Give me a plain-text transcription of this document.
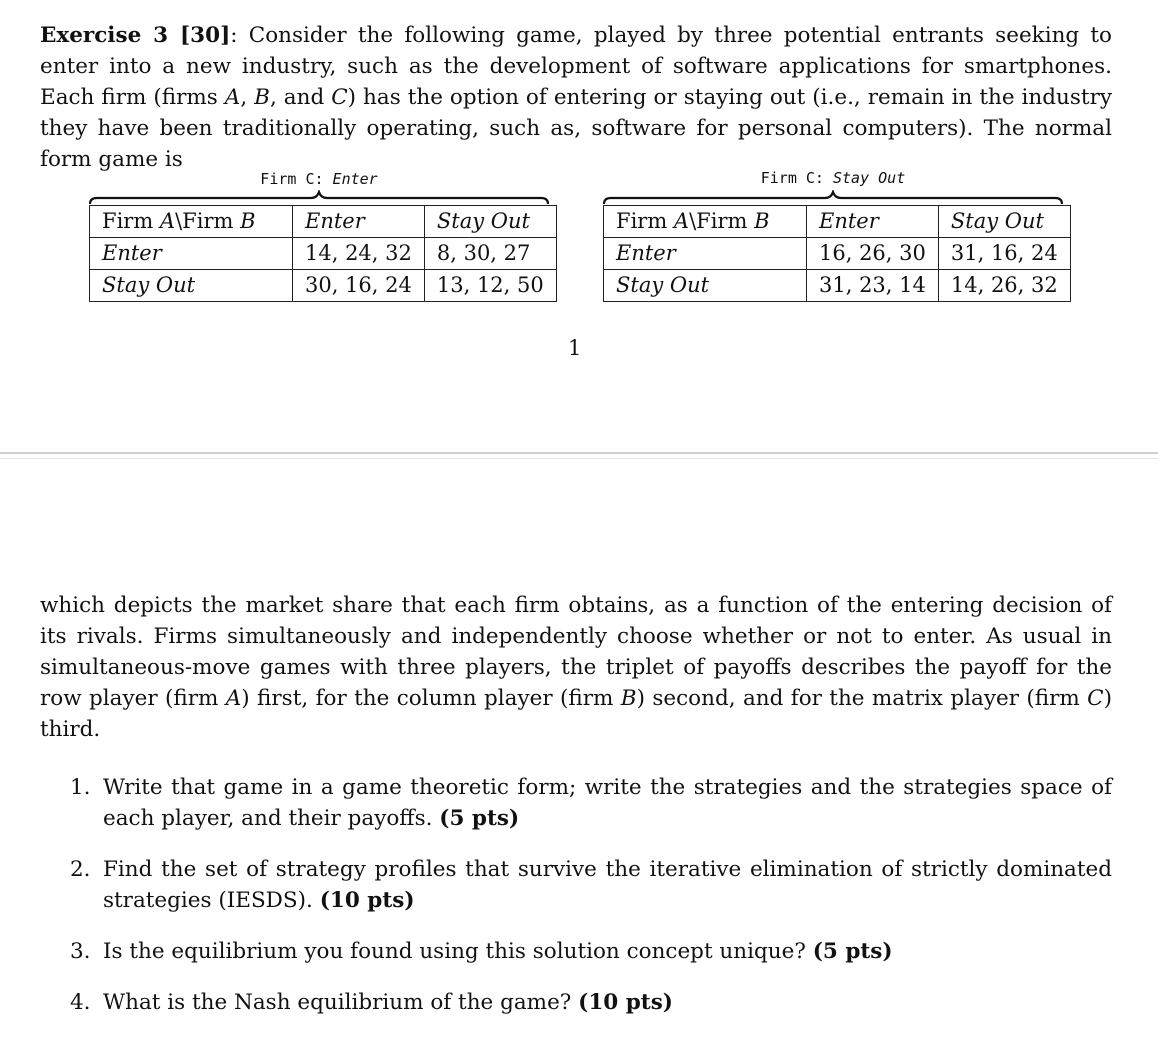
Exercise 3 [30]: Consider the following game, played by three potential entrants seeking to enter into a new industry, such as the development of software applications for smartphones. Each firm (firms A, B, and C) has the option of entering or staying out (i.e., remain in the industry they have been traditionally operating, such as, software for personal computers). The normal form game is
Firm C: Enter
Firm A\Firm B	Enter	Stay Out
Enter	14, 24, 32	8, 30, 27
Stay Out	30, 16, 24	13, 12, 50
Firm C: Stay Out
Firm A\Firm B	Enter	Stay Out
Enter	16, 26, 30	31, 16, 24
Stay Out	31, 23, 14	14, 26, 32
1
which depicts the market share that each firm obtains, as a function of the entering decision of its rivals. Firms simultaneously and independently choose whether or not to enter. As usual in simultaneous-move games with three players, the triplet of payoffs describes the payoff for the row player (firm A) first, for the column player (firm B) second, and for the matrix player (firm C) third.
1. Write that game in a game theoretic form; write the strategies and the strategies space of each player, and their payoffs. (5 pts)
2. Find the set of strategy profiles that survive the iterative elimination of strictly dominated strategies (IESDS). (10 pts)
3. Is the equilibrium you found using this solution concept unique? (5 pts)
4. What is the Nash equilibrium of the game? (10 pts)
